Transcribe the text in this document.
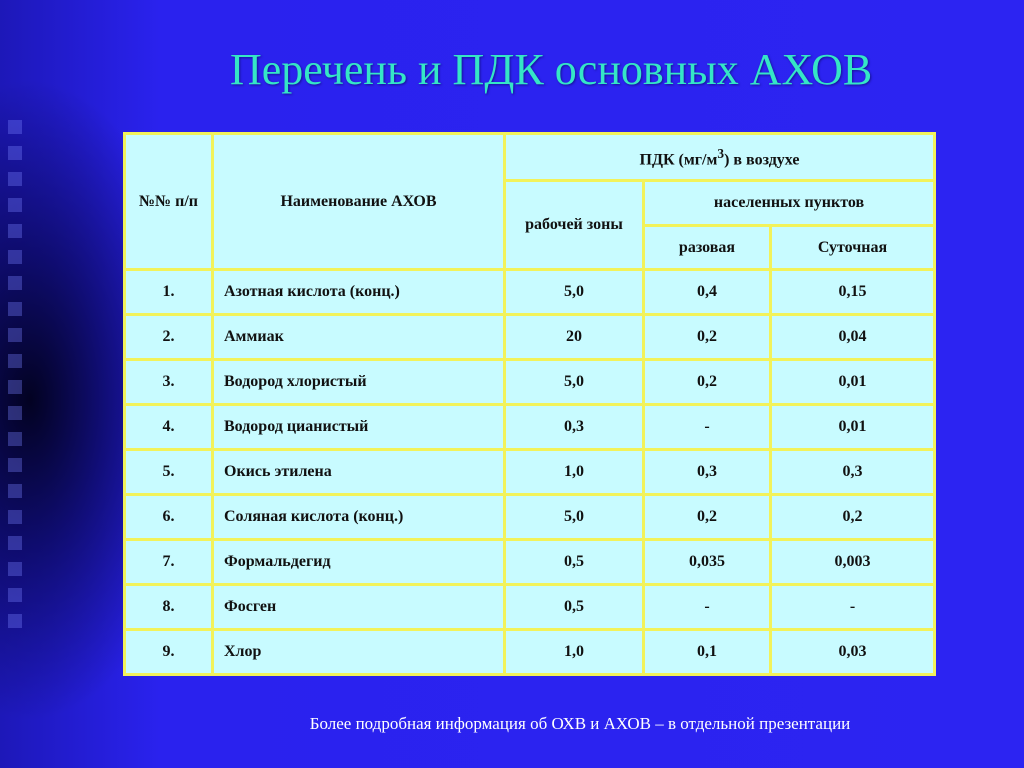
Перечень и ПДК основных АХОВ
№№ п/п	Наименование АХОВ	ПДК $(мг/м^3)$ в воздухе		
		рабочей зоны	населенных пунктов	
			разовая	Суточная
1.	Азотная кислота (конц.)	5,0	0,4	0,15
2.	Аммиак	20	0,2	0,04
3.	Водород хлористый	5,0	0,2	0,01
4.	Водород цианистый	0,3	-	0,01
5.	Окись этилена	1,0	0,3	0,3
6.	Соляная кислота (конц.)	5,0	0,2	0,2
7.	Формальдегид	0,5	0,035	0,003
8.	Фосген	0,5	-	-
9.	Хлор	1,0	0,1	0,03
Более подробная информация об ОХВ и АХОВ – в отдельной презентации
